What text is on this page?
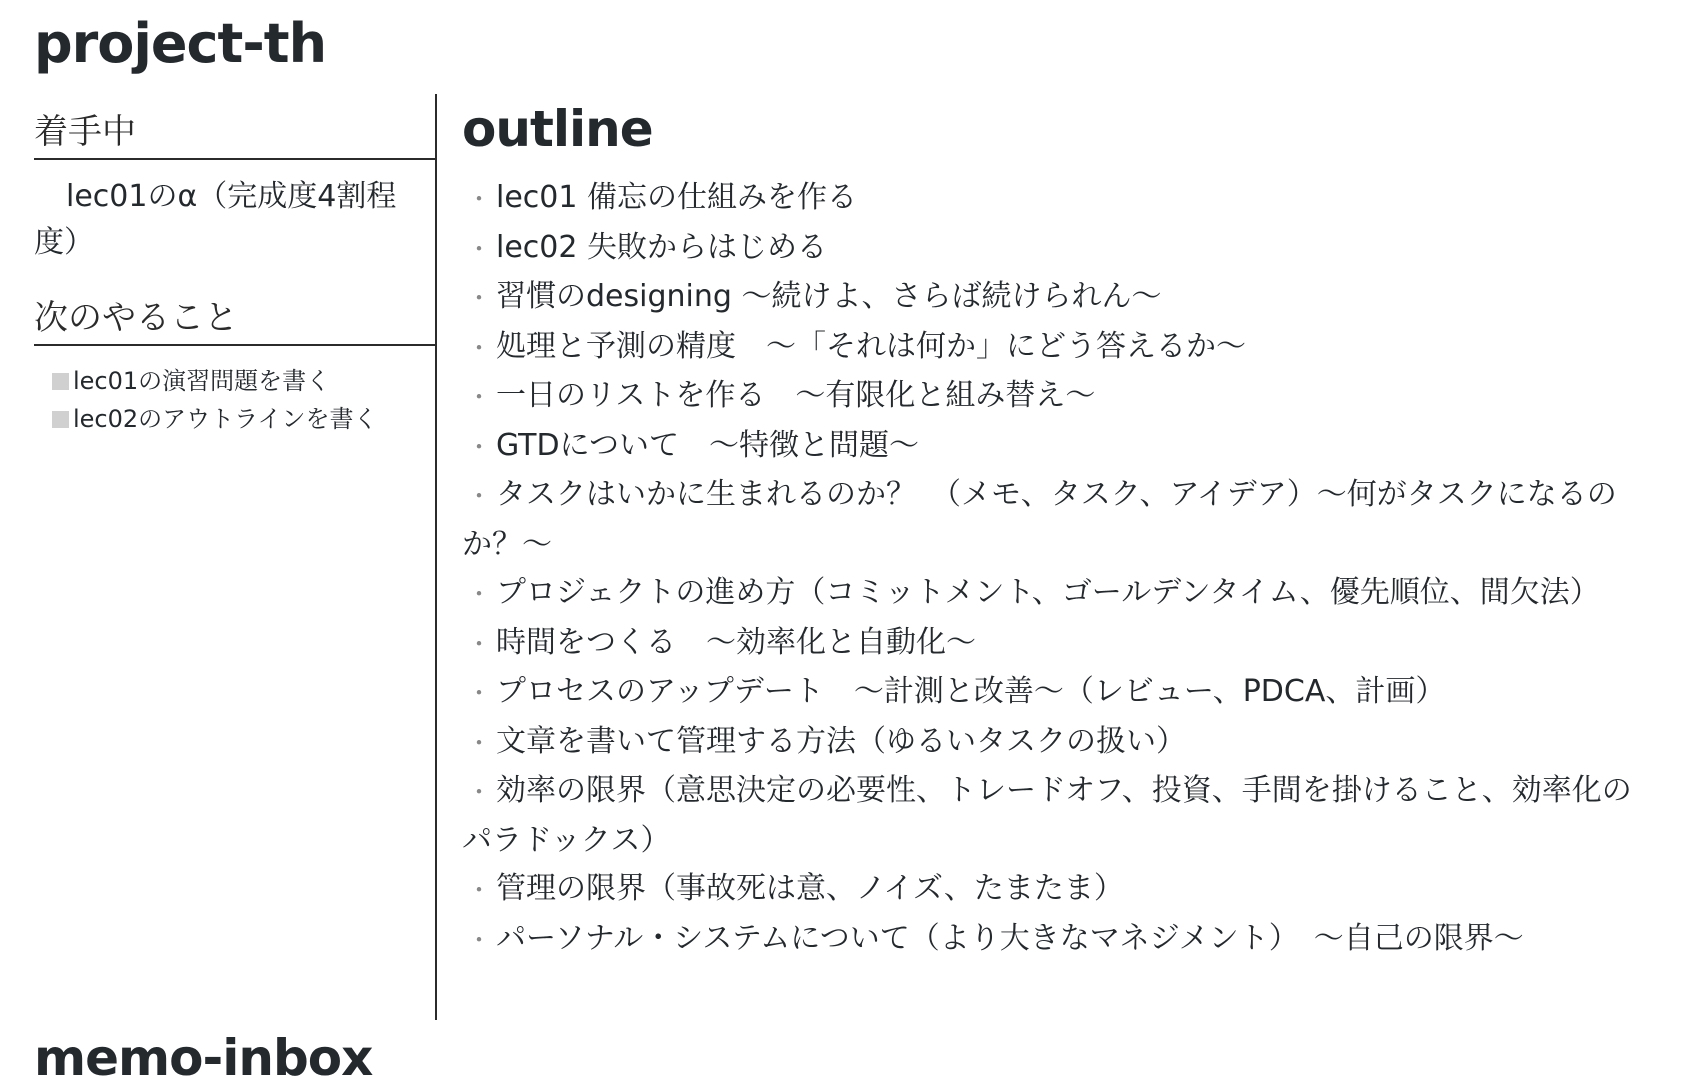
project-th
着手中

lec01のα（完成度4割程度）

次のやること
lec01の演習問題を書く
lec02のアウトラインを書く
outline
・ lec01 備忘の仕組みを作る
・ lec02 失敗からはじめる
・ 習慣のdesigning 〜続けよ、さらば続けられん〜
・ 処理と予測の精度　〜「それは何か」にどう答えるか〜
・ 一日のリストを作る　〜有限化と組み替え〜
・ GTDについて　〜特徴と問題〜
・ タスクはいかに生まれるのか？　（メモ、タスク、アイデア）〜何がタスクになるのか？〜
・ プロジェクトの進め方（コミットメント、ゴールデンタイム、優先順位、間欠法）
・ 時間をつくる　〜効率化と自動化〜
・ プロセスのアップデート　〜計測と改善〜（レビュー、PDCA、計画）
・ 文章を書いて管理する方法（ゆるいタスクの扱い）
・ 効率の限界（意思決定の必要性、トレードオフ、投資、手間を掛けること、効率化のパラドックス）
・ 管理の限界（事故死は意、ノイズ、たまたま）
・ パーソナル・システムについて（より大きなマネジメント）　〜自己の限界〜
memo-inbox
